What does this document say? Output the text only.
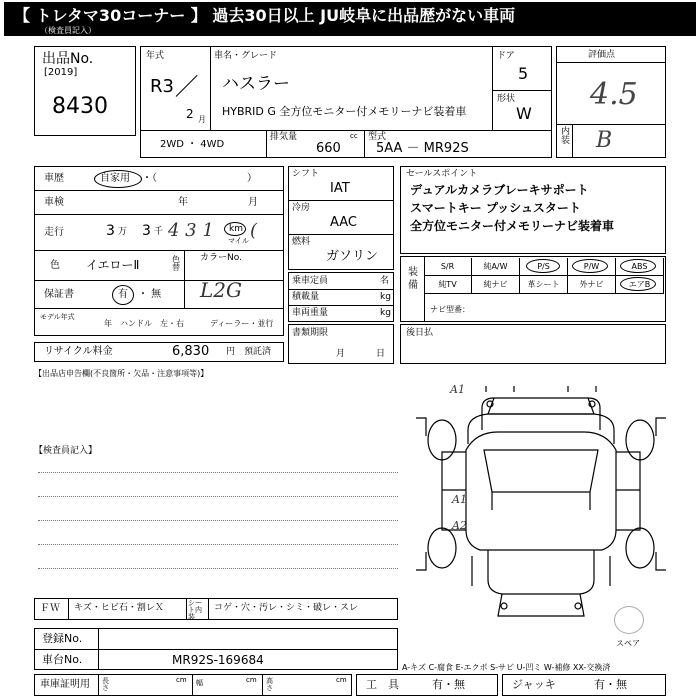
【 トレタマ30コーナー 】 過去30日以上 JU岐阜に出品歴がない車両
（検査員記入）
出品No.
[2019]
8430
年式
R3
2 月
車名・グレード
ハスラー
HYBRID G 全方位モニター付メモリーナビ装着車
ドア
5
形状
W
2WD ・ 4WD
排気量	cc
660
型式
5AA － MR92S
評価点
4.5
内装 B
車歴	自家用 ・（　　　　　　　　　）
車検	年	月
走行	3 万 3 千 4 3 1 km
マイル (
色 イエローⅡ	色替
カラーNo.
L2G
保証書	有 ・ 無
モデル年式
年 ハンドル　左・右	ディーラー・並行
シフト
IAT
冷房
AAC
燃料
ガソリン
乗車定員	名
積載量	kg
車両重量	kg
書類期限
月	日
セールスポイント
デュアルカメラブレーキサポート
スマートキー プッシュスタート
全方位モニター付メモリーナビ装着車
装備
S/R	純A/W	P/S	P/W	ABS
純TV	純ナビ	革シート	外ナビ	エアB
ナビ型番：
後日払
リサイクル料金	6,830 円 預託済
【出品店申告欄(不良箇所・欠品・注意事項等)】
【検査員記入】
A1
A1
A2
スペア
ＦＷ キズ・ヒビ石・割レＸ	シート内装
コゲ・穴・汚レ・シミ・破レ・スレ
登録No.
車台No.	MR92S-169684
A-キズ C-腐食 E-エクボ S-サビ U-凹ミ W-補修 XX-交換済
車庫証明用 長さ
cm 幅	cm 高さ
cm 工　具	有・無	ジャッキ	有・無
